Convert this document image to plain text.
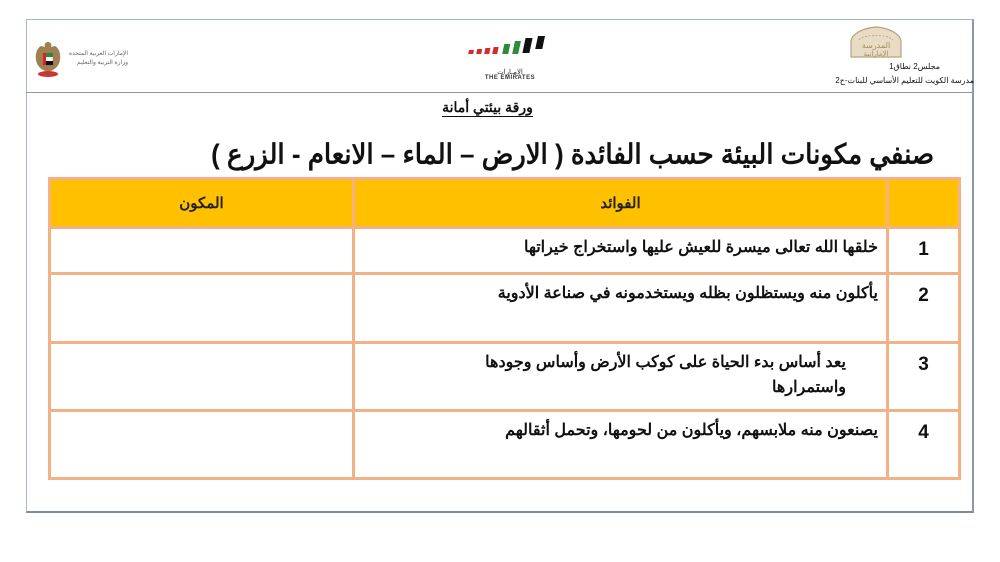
الإمارات العربية المتحدة
وزارة التربية والتعليم
الإمـارات
THE EMIRATES
المدرسة
الإماراتية
مجلس2 نطاق1
مدرسة الكويت للتعليم الأساسي للبنات-ح2
ورقة بيئتي أمانة
صنفي مكونات البيئة حسب الفائدة ( الارض – الماء – الانعام - الزرع )
	الفوائد	المكون
1	خلقها الله تعالى ميسرة للعيش عليها واستخراج خيراتها	
2	يأكلون منه ويستظلون بظله ويستخدمونه في صناعة الأدوية	
3	يعد أساس بدء الحياة على كوكب الأرض وأساس وجودها واستمرارها	
4	يصنعون منه ملابسهم، ويأكلون من لحومها، وتحمل أثقالهم	
